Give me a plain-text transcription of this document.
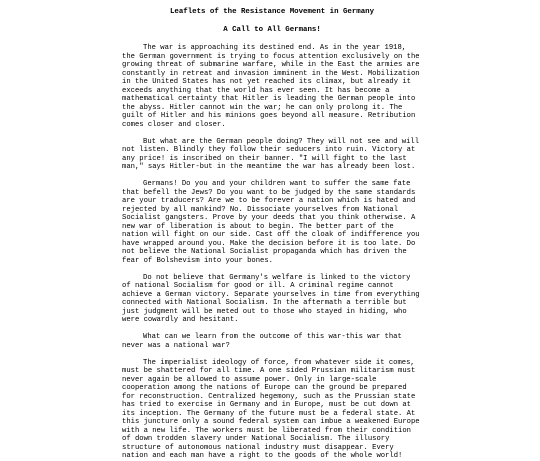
Leaflets of the Resistance Movement in Germany
A Call to All Germans!

The war is approaching its destined end. As in the year 1918, the German government is trying to focus attention exclusively on the growing threat of submarine warfare, while in the East the armies are constantly in retreat and invasion imminent in the West. Mobilization in the United States has not yet reached its climax, but already it exceeds anything that the world has ever seen. It has become a mathematical certainty that Hitler is leading the German people into the abyss. Hitler cannot win the war; he can only prolong it. The guilt of Hitler and his minions goes beyond all measure. Retribution comes closer and closer.

But what are the German people doing? They will not see and will not listen. Blindly they follow their seducers into ruin. Victory at any price! is inscribed on their banner. "I will fight to the last man," says Hitler-but in the meantime the war has already been lost.

Germans! Do you and your children want to suffer the same fate that befell the Jews? Do you want to be judged by the same standards are your traducers? Are we to be forever a nation which is hated and rejected by all mankind? No. Dissociate yourselves from National Socialist gangsters. Prove by your deeds that you think otherwise. A new war of liberation is about to begin. The better part of the nation will fight on our side. Cast off the cloak of indifference you have wrapped around you. Make the decision before it is too late. Do not believe the National Socialist propaganda which has driven the fear of Bolshevism into your bones.

Do not believe that Germany's welfare is linked to the victory of national Socialism for good or ill. A criminal regime cannot achieve a German victory. Separate yourselves in time from everything connected with National Socialism. In the aftermath a terrible but just judgment will be meted out to those who stayed in hiding, who were cowardly and hesitant.

What can we learn from the outcome of this war-this war that never was a national war?

The imperialist ideology of force, from whatever side it comes, must be shattered for all time. A one sided Prussian militarism must never again be allowed to assume power. Only in large-scale cooperation among the nations of Europe can the ground be prepared for reconstruction. Centralized hegemony, such as the Prussian state has tried to exercise in Germany and in Europe, must be cut down at its inception. The Germany of the future must be a federal state. At this juncture only a sound federal system can imbue a weakened Europe with a new life. The workers must be liberated from their condition of down trodden slavery under National Socialism. The illusory structure of autonomous national industry must disappear. Every nation and each man have a right to the goods of the whole world!
